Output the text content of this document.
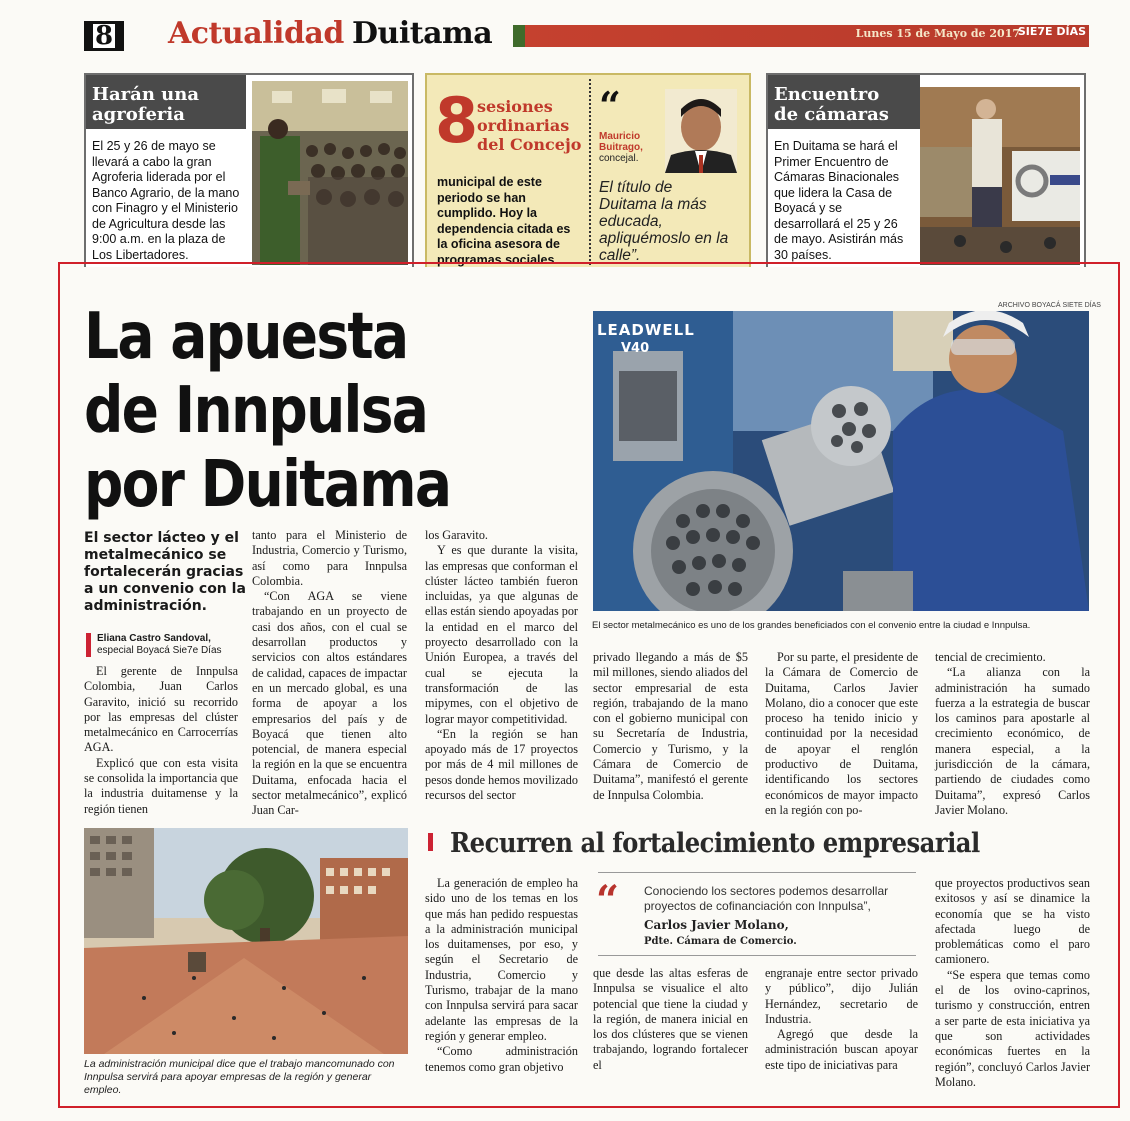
8	Actualidad Duitama	Lunes 15 de Mayo de 2017
SIE7E DÍAS
Harán una
agroferia
El 25 y 26 de mayo se
llevará a cabo la gran
Agroferia liderada por el
Banco Agrario, de la mano
con Finagro y el Ministerio
de Agricultura desde las
9:00 a.m. en la plaza de
Los Libertadores.
8
sesiones
ordinarias
del Concejo
municipal de este
periodo se han
cumplido. Hoy la
dependencia citada es
la oficina asesora de
programas sociales.
“
Mauricio
Buitrago,
concejal.
El título de
Duitama la más
educada,
apliquémoslo en la
calle”.
Encuentro
de cámaras
En Duitama se hará el
Primer Encuentro de
Cámaras Binacionales
que lidera la Casa de
Boyacá y se
desarrollará el 25 y 26
de mayo. Asistirán más
30 países.
La apuesta
de Innpulsa
por Duitama
El sector lácteo y el metalmecánico se fortalecerán gracias a un convenio con la administración.
Eliana Castro Sandoval,
especial Boyacá Sie7e Días
LEADWELL
V40
ARCHIVO BOYACÁ SIETE DÍAS
El sector metalmecánico es uno de los grandes beneficiados con el convenio entre la ciudad e Innpulsa.

El gerente de Innpulsa Colombia, Juan Carlos Garavito, inició su recorrido por las empresas del clúster metalmecánico en Carrocerrías AGA.

Explicó que con esta visita se consolida la importancia que la industria duitamense y la región tienen

tanto para el Ministerio de Industria, Comercio y Turismo, así como para Innpulsa Colombia.

“Con AGA se viene trabajando en un proyecto de casi dos años, con el cual se desarrollan productos y servicios con altos estándares de calidad, capaces de impactar en un mercado global, es una forma de apoyar a los empresarios del país y de Boyacá que tienen alto potencial, de manera especial la región en la que se encuentra Duitama, enfocada hacia el sector metalmecánico”, explicó Juan Car-

los Garavito.

Y es que durante la visita, las empresas que conforman el clúster lácteo también fueron incluidas, ya que algunas de ellas están siendo apoyadas por la entidad en el marco del proyecto desarrollado con la Unión Europea, a través del cual se ejecuta la transformación de las mipymes, con el objetivo de lograr mayor competitividad.

“En la región se han apoyado más de 17 proyectos por más de 4 mil millones de pesos donde hemos movilizado recursos del sector

privado llegando a más de $5 mil millones, siendo aliados del sector empresarial de esta región, trabajando de la mano con el gobierno municipal con su Secretaría de Industria, Comercio y Turismo, y la Cámara de Comercio de Duitama”, manifestó el gerente de Innpulsa Colombia.

Por su parte, el presidente de la Cámara de Comercio de Duitama, Carlos Javier Molano, dio a conocer que este proceso ha tenido inicio y continuidad por la necesidad de apoyar el renglón productivo de Duitama, identificando los sectores económicos de mayor impacto en la región con po-

tencial de crecimiento.

“La alianza con la administración ha sumado fuerza a la estrategia de buscar los caminos para apostarle al crecimiento económico, de manera especial, a la jurisdicción de la cámara, partiendo de ciudades como Duitama”, expresó Carlos Javier Molano.

La administración municipal dice que el trabajo mancomunado con Innpulsa servirá para apoyar empresas de la región y generar empleo.
Recurren al fortalecimiento empresarial

La generación de empleo ha sido uno de los temas en los que más han pedido respuestas a la administración municipal los duitamenses, por eso, y según el Secretario de Industria, Comercio y Turismo, trabajar de la mano con Innpulsa servirá para sacar adelante las empresas de la región y generar empleo.

“Como administración tenemos como gran objetivo

“ Conociendo los sectores podemos desarrollar proyectos de cofinanciación con Innpulsa”,
Carlos Javier Molano,
Pdte. Cámara de Comercio.

que desde las altas esferas de Innpulsa se visualice el alto potencial que tiene la ciudad y la región, de manera inicial en los dos clústeres que se vienen trabajando, logrando fortalecer el

engranaje entre sector privado y público”, dijo Julián Hernández, secretario de Industria.

Agregó que desde la administración buscan apoyar este tipo de iniciativas para

que proyectos productivos sean exitosos y así se dinamice la economía que se ha visto afectada luego de problemáticas como el paro camionero.

“Se espera que temas como el de los ovino-caprinos, turismo y construcción, entren a ser parte de esta iniciativa ya que son actividades económicas fuertes en la región”, concluyó Carlos Javier Molano.
